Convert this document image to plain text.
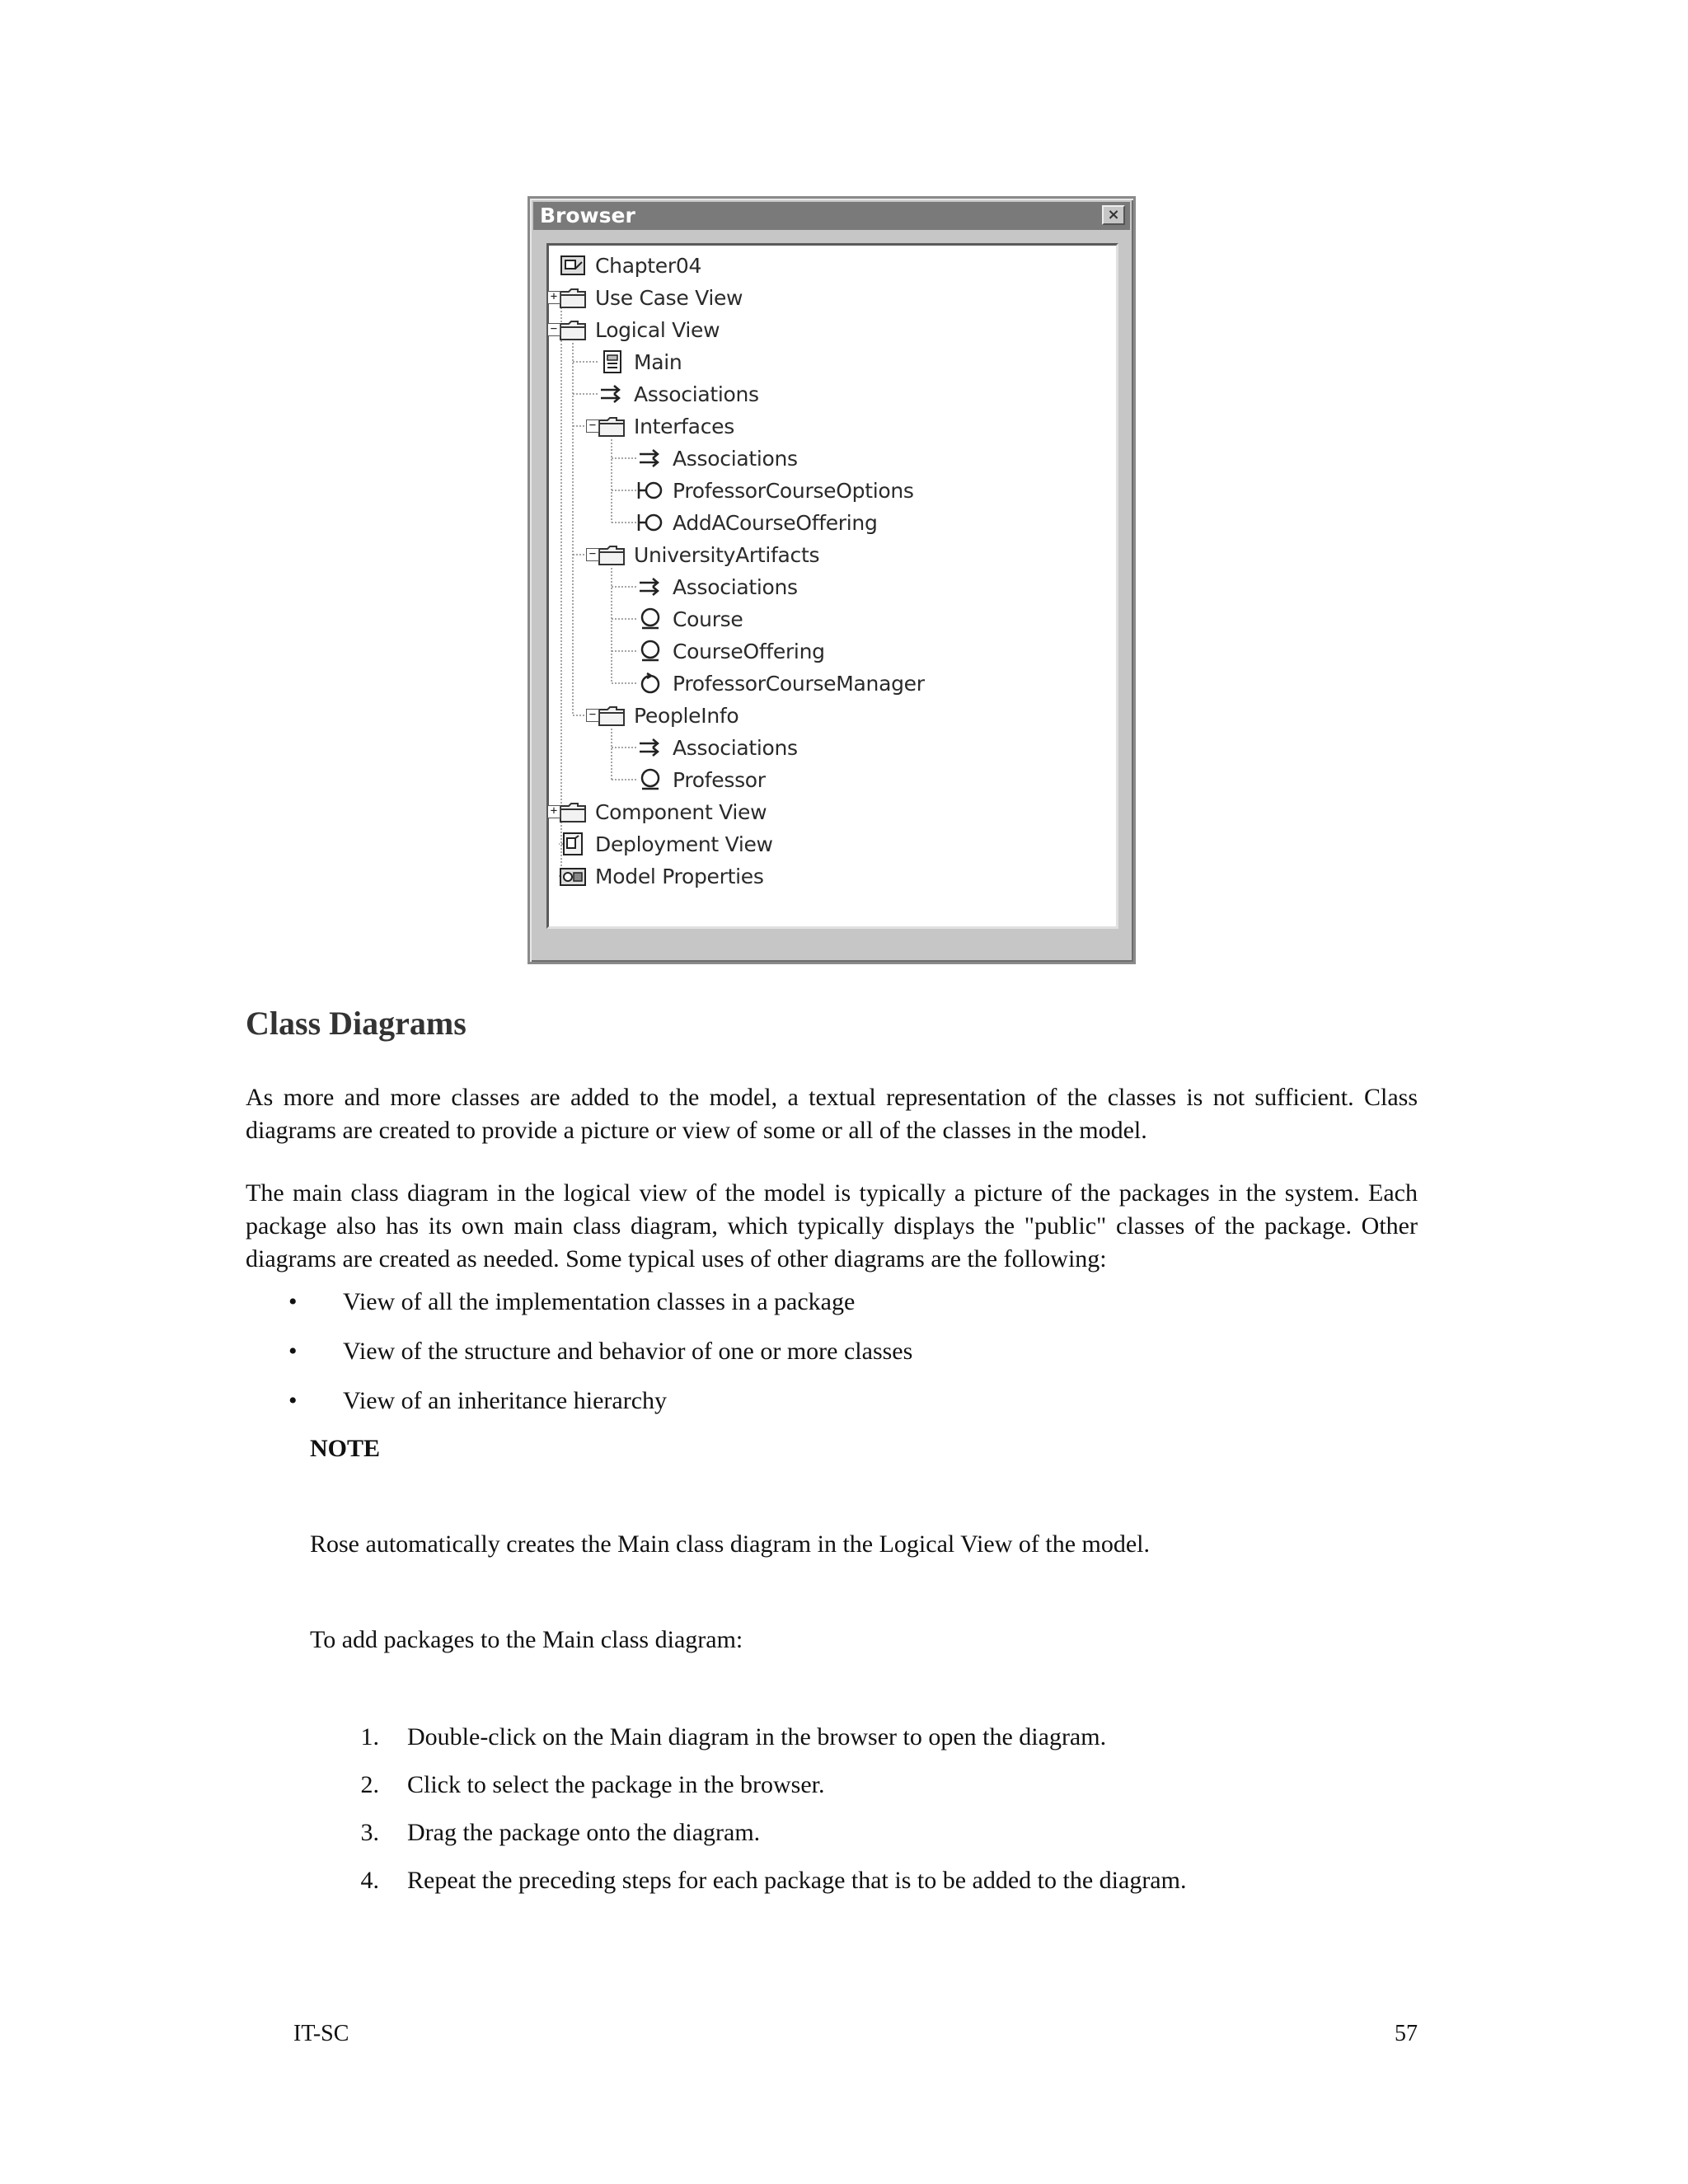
Browser	×
Chapter04
Use Case View
Logical View
Main
Associations
Interfaces
Associations
ProfessorCourseOptions
AddACourseOffering
UniversityArtifacts
Associations
Course
CourseOffering
ProfessorCourseManager
PeopleInfo
Associations
Professor
Component View
Deployment View
Model Properties
+
−
−
−
−
+
Class Diagrams
As more and more classes are added to the model, a textual representation of the classes is not sufficient. Class diagrams are created to provide a picture or view of some or all of the classes in the model.
The main class diagram in the logical view of the model is typically a picture of the packages in the system. Each package also has its own main class diagram, which typically displays the "public" classes of the package. Other diagrams are created as needed. Some typical uses of other diagrams are the following:
• View of all the implementation classes in a package
• View of the structure and behavior of one or more classes
• View of an inheritance hierarchy
NOTE
Rose automatically creates the Main class diagram in the Logical View of the model.
To add packages to the Main class diagram:
1. Double-click on the Main diagram in the browser to open the diagram.
2. Click to select the package in the browser.
3. Drag the package onto the diagram.
4. Repeat the preceding steps for each package that is to be added to the diagram.
IT-SC	57
